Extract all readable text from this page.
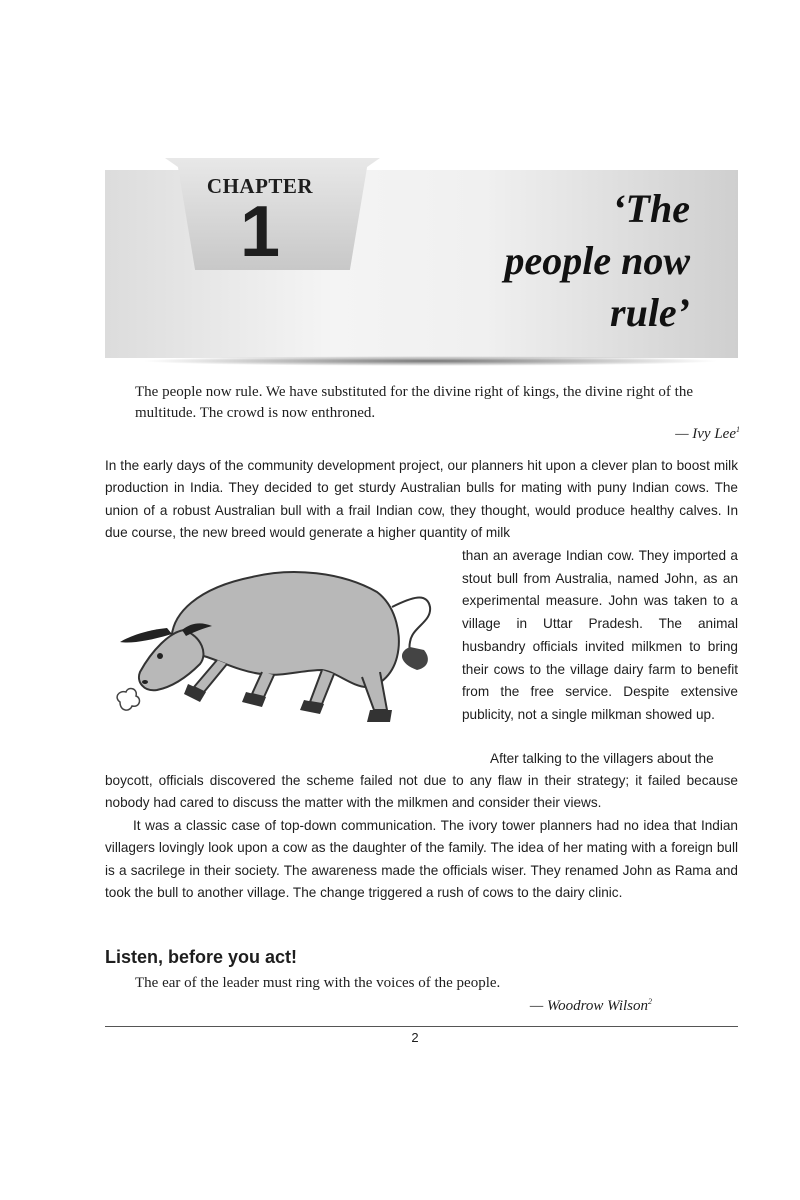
CHAPTER
1	‘The
people now
rule’
The people now rule. We have substituted for the divine right of kings, the divine right of the multitude. The crowd is now enthroned.
— Ivy Lee$^1$
In the early days of the community development project, our planners hit upon a clever plan to boost milk production in India. They decided to get sturdy Australian bulls for mating with puny Indian cows. The union of a robust Australian bull with a frail Indian cow, they thought, would produce healthy calves. In due course, the new breed would generate a higher quantity of milk
than an average Indian cow. They imported a stout bull from Australia, named John, as an experimental measure. John was taken to a village in Uttar Pradesh. The animal husbandry officials invited milkmen to bring their cows to the village dairy farm to benefit from the free service. Despite extensive publicity, not a single milkman showed up.
After talking to the villagers about the
boycott, officials discovered the scheme failed not due to any flaw in their strategy; it failed because nobody had cared to discuss the matter with the milkmen and consider their views.
It was a classic case of top-down communication. The ivory tower planners had no idea that Indian villagers lovingly look upon a cow as the daughter of the family. The idea of her mating with a foreign bull is a sacrilege in their society. The awareness made the officials wiser. They renamed John as Rama and took the bull to another village. The change triggered a rush of cows to the dairy clinic.
Listen, before you act!
The ear of the leader must ring with the voices of the people.
— Woodrow Wilson$^2$
2
